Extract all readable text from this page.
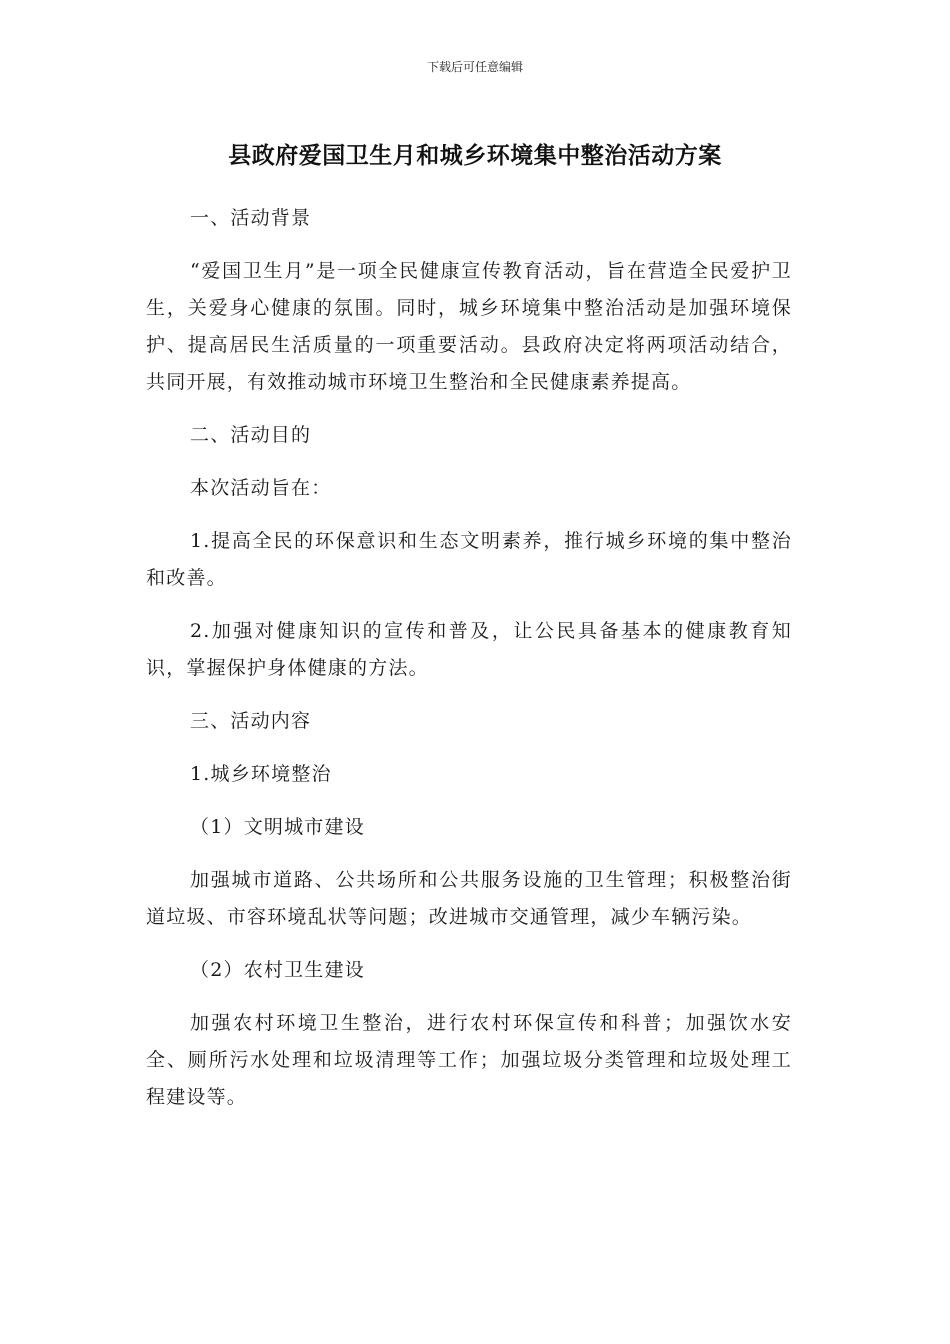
下载后可任意编辑
县政府爱国卫生月和城乡环境集中整治活动方案

一、活动背景

“爱国卫生月”是一项全民健康宣传教育活动，旨在营造全民爱护卫生，关爱身心健康的氛围。同时，城乡环境集中整治活动是加强环境保护、提高居民生活质量的一项重要活动。县政府决定将两项活动结合，共同开展，有效推动城市环境卫生整治和全民健康素养提高。

二、活动目的

本次活动旨在：

1.提高全民的环保意识和生态文明素养，推行城乡环境的集中整治和改善。

2.加强对健康知识的宣传和普及，让公民具备基本的健康教育知识，掌握保护身体健康的方法。

三、活动内容

1.城乡环境整治

（1）文明城市建设

加强城市道路、公共场所和公共服务设施的卫生管理；积极整治街道垃圾、市容环境乱状等问题；改进城市交通管理，减少车辆污染。

（2）农村卫生建设

加强农村环境卫生整治，进行农村环保宣传和科普；加强饮水安全、厕所污水处理和垃圾清理等工作；加强垃圾分类管理和垃圾处理工程建设等。
